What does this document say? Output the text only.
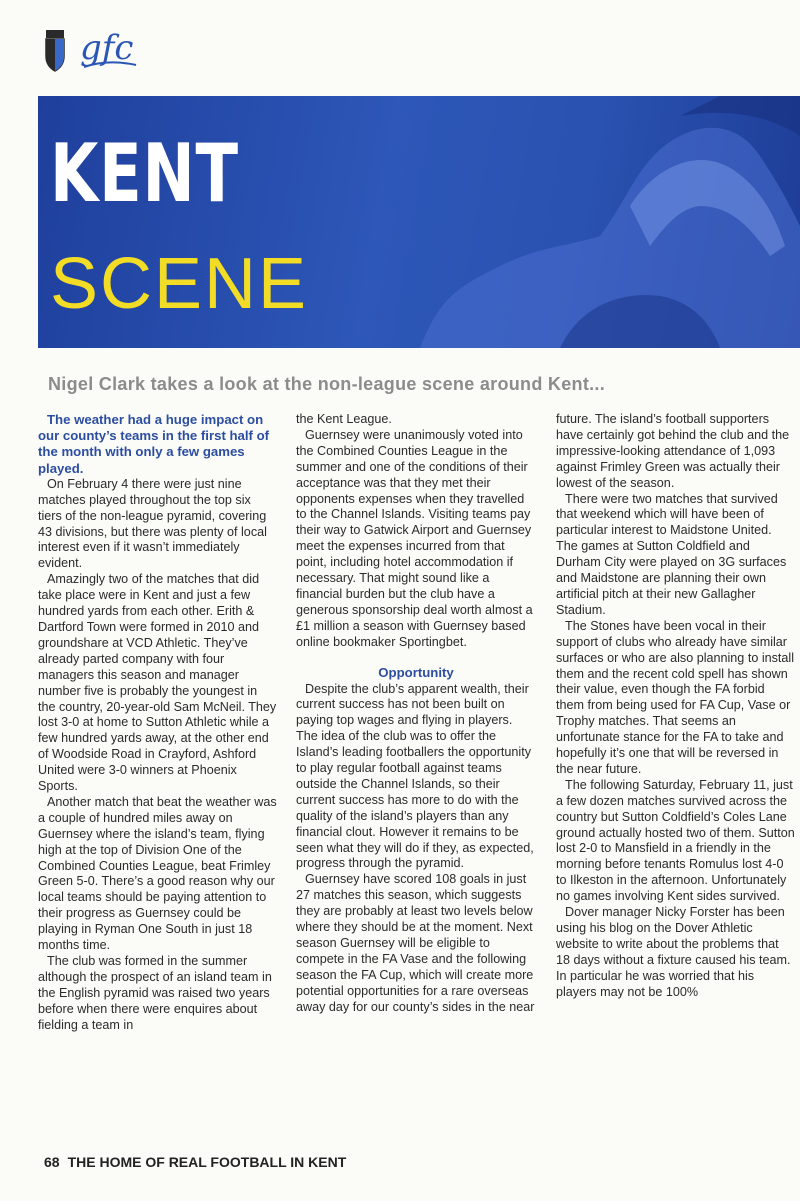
gfc
KENT
SCENE

Nigel Clark takes a look at the non-league scene around Kent...

The weather had a huge impact on our county’s teams in the first half of the month with only a few games played.

On February 4 there were just nine matches played throughout the top six tiers of the non-league pyramid, covering 43 divisions, but there was plenty of local interest even if it wasn’t immediately evident.

Amazingly two of the matches that did take place were in Kent and just a few hundred yards from each other. Erith & Dartford Town were formed in 2010 and groundshare at VCD Athletic. They’ve already parted company with four managers this season and manager number five is probably the youngest in the country, 20-year-old Sam McNeil. They lost 3-0 at home to Sutton Athletic while a few hundred yards away, at the other end of Woodside Road in Crayford, Ashford United were 3-0 winners at Phoenix Sports.

Another match that beat the weather was a couple of hundred miles away on Guernsey where the island’s team, flying high at the top of Division One of the Combined Counties League, beat Frimley Green 5-0. There’s a good reason why our local teams should be paying attention to their progress as Guernsey could be playing in Ryman One South in just 18 months time.

The club was formed in the summer although the prospect of an island team in the English pyramid was raised two years before when there were enquires about fielding a team in

the Kent League.

Guernsey were unanimously voted into the Combined Counties League in the summer and one of the conditions of their acceptance was that they met their opponents expenses when they travelled to the Channel Islands. Visiting teams pay their way to Gatwick Airport and Guernsey meet the expenses incurred from that point, including hotel accommodation if necessary. That might sound like a financial burden but the club have a generous sponsorship deal worth almost a £1 million a season with Guernsey based online bookmaker Sportingbet.

Opportunity

Despite the club’s apparent wealth, their current success has not been built on paying top wages and flying in players. The idea of the club was to offer the Island’s leading footballers the opportunity to play regular football against teams outside the Channel Islands, so their current success has more to do with the quality of the island’s players than any financial clout. However it remains to be seen what they will do if they, as expected, progress through the pyramid.

Guernsey have scored 108 goals in just 27 matches this season, which suggests they are probably at least two levels below where they should be at the moment. Next season Guernsey will be eligible to compete in the FA Vase and the following season the FA Cup, which will create more potential opportunities for a rare overseas away day for our county’s sides in the near

future. The island’s football supporters have certainly got behind the club and the impressive-looking attendance of 1,093 against Frimley Green was actually their lowest of the season.

There were two matches that survived that weekend which will have been of particular interest to Maidstone United. The games at Sutton Coldfield and Durham City were played on 3G surfaces and Maidstone are planning their own artificial pitch at their new Gallagher Stadium.

The Stones have been vocal in their support of clubs who already have similar surfaces or who are also planning to install them and the recent cold spell has shown their value, even though the FA forbid them from being used for FA Cup, Vase or Trophy matches. That seems an unfortunate stance for the FA to take and hopefully it’s one that will be reversed in the near future.

The following Saturday, February 11, just a few dozen matches survived across the country but Sutton Coldfield’s Coles Lane ground actually hosted two of them. Sutton lost 2-0 to Mansfield in a friendly in the morning before tenants Romulus lost 4-0 to Ilkeston in the afternoon. Unfortunately no games involving Kent sides survived.

Dover manager Nicky Forster has been using his blog on the Dover Athletic website to write about the problems that 18 days without a fixture caused his team. In particular he was worried that his players may not be 100%

68 THE HOME OF REAL FOOTBALL IN KENT
